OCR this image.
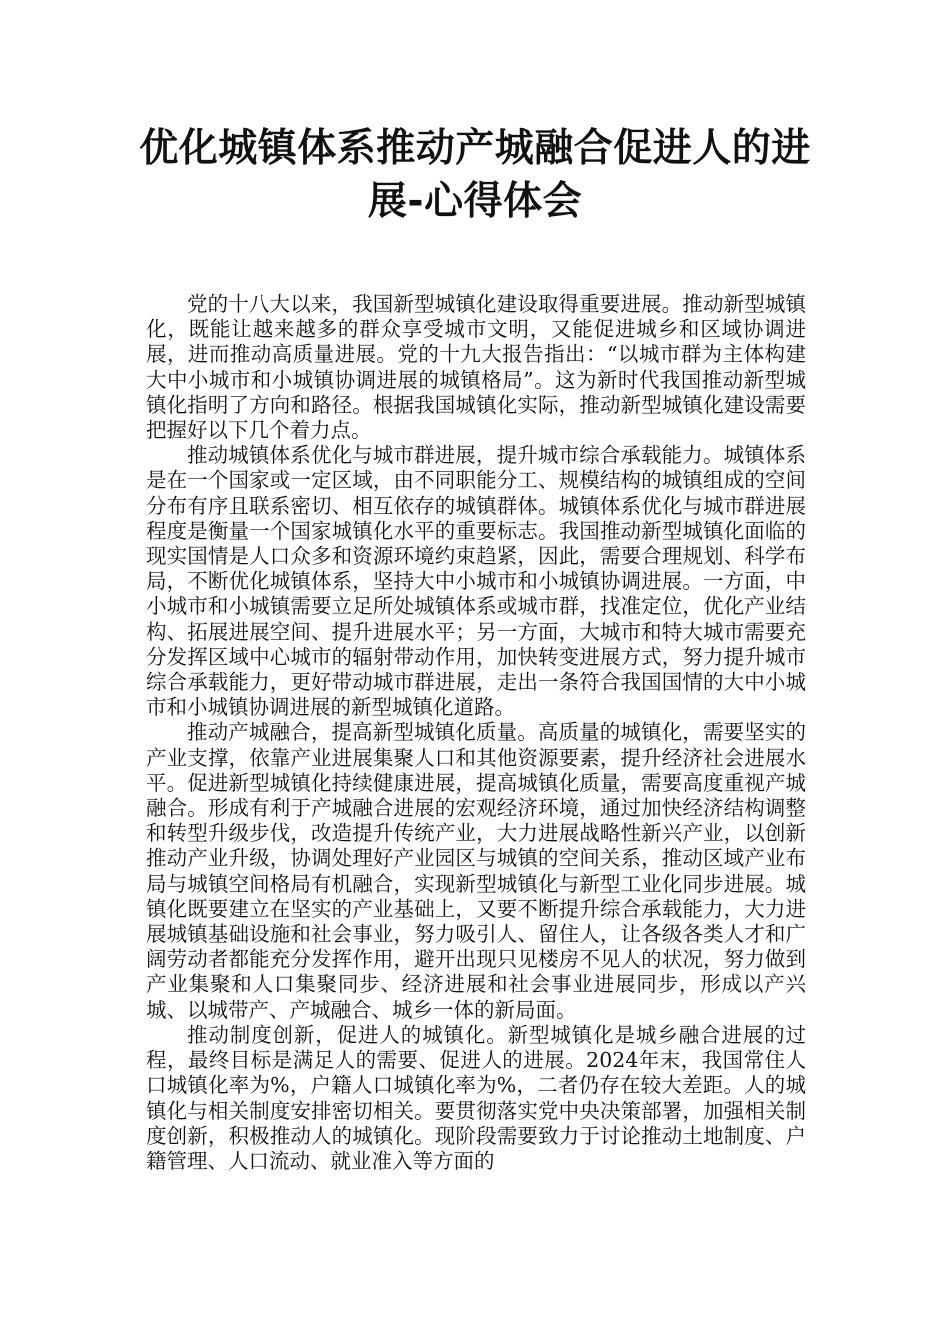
优化城镇体系推动产城融合促进人的进展-心得体会

党的十八大以来，我国新型城镇化建设取得重要进展。推动新型城镇化，既能让越来越多的群众享受城市文明，又能促进城乡和区域协调进展，进而推动高质量进展。党的十九大报告指出：“以城市群为主体构建大中小城市和小城镇协调进展的城镇格局”。这为新时代我国推动新型城镇化指明了方向和路径。根据我国城镇化实际，推动新型城镇化建设需要把握好以下几个着力点。

推动城镇体系优化与城市群进展，提升城市综合承载能力。城镇体系是在一个国家或一定区域，由不同职能分工、规模结构的城镇组成的空间分布有序且联系密切、相互依存的城镇群体。城镇体系优化与城市群进展程度是衡量一个国家城镇化水平的重要标志。我国推动新型城镇化面临的现实国情是人口众多和资源环境约束趋紧，因此，需要合理规划、科学布局，不断优化城镇体系，坚持大中小城市和小城镇协调进展。一方面，中小城市和小城镇需要立足所处城镇体系或城市群，找准定位，优化产业结构、拓展进展空间、提升进展水平；另一方面，大城市和特大城市需要充分发挥区域中心城市的辐射带动作用，加快转变进展方式，努力提升城市综合承载能力，更好带动城市群进展，走出一条符合我国国情的大中小城市和小城镇协调进展的新型城镇化道路。

推动产城融合，提高新型城镇化质量。高质量的城镇化，需要坚实的产业支撑，依靠产业进展集聚人口和其他资源要素，提升经济社会进展水平。促进新型城镇化持续健康进展，提高城镇化质量，需要高度重视产城融合。形成有利于产城融合进展的宏观经济环境，通过加快经济结构调整和转型升级步伐，改造提升传统产业，大力进展战略性新兴产业，以创新推动产业升级，协调处理好产业园区与城镇的空间关系，推动区域产业布局与城镇空间格局有机融合，实现新型城镇化与新型工业化同步进展。城镇化既要建立在坚实的产业基础上，又要不断提升综合承载能力，大力进展城镇基础设施和社会事业，努力吸引人、留住人，让各级各类人才和广阔劳动者都能充分发挥作用，避开出现只见楼房不见人的状况，努力做到产业集聚和人口集聚同步、经济进展和社会事业进展同步，形成以产兴城、以城带产、产城融合、城乡一体的新局面。

推动制度创新，促进人的城镇化。新型城镇化是城乡融合进展的过程，最终目标是满足人的需要、促进人的进展。2024年末，我国常住人口城镇化率为%，户籍人口城镇化率为%，二者仍存在较大差距。人的城镇化与相关制度安排密切相关。要贯彻落实党中央决策部署，加强相关制度创新，积极推动人的城镇化。现阶段需要致力于讨论推动土地制度、户籍管理、人口流动、就业准入等方面的
